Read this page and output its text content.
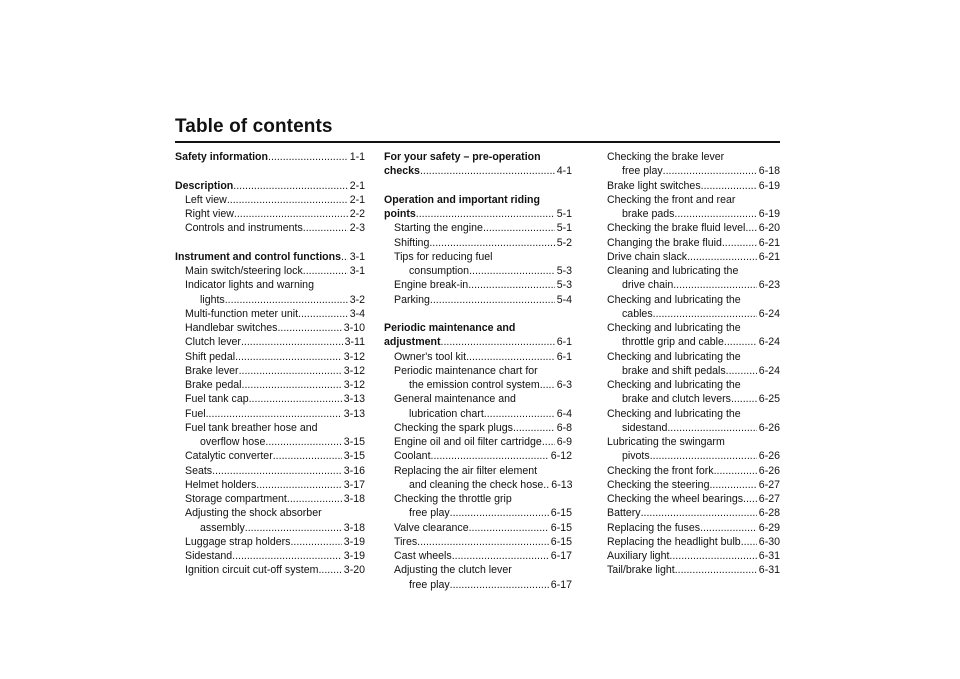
Table of contents
Safety information .....	1-1
Description .....	2-1
Left view .....	2-1
Right view .....	2-2
Controls and instruments .....	2-3
Instrument and control functions ..... 3-1
Main switch/steering lock .....	3-1
Indicator lights and warning
lights .....	3-2
Multi-function meter unit .....	3-4
Handlebar switches .....	3-10
Clutch lever .....	3-11
Shift pedal .....	3-12
Brake lever .....	3-12
Brake pedal .....	3-12
Fuel tank cap .....	3-13
Fuel .....	3-13
Fuel tank breather hose and
overflow hose .....	3-15
Catalytic converter .....	3-15
Seats .....	3-16
Helmet holders .....	3-17
Storage compartment .....	3-18
Adjusting the shock absorber
assembly .....	3-18
Luggage strap holders .....	3-19
Sidestand .....	3-19
Ignition circuit cut-off system ..... 3-20
For your safety – pre-operation
checks .....	4-1
Operation and important riding
points .....	5-1
Starting the engine .....	5-1
Shifting .....	5-2
Tips for reducing fuel
consumption .....	5-3
Engine break-in .....	5-3
Parking .....	5-4
Periodic maintenance and
adjustment .....	6-1
Owner's tool kit .....	6-1
Periodic maintenance chart for
the emission control system ..... 6-3
General maintenance and
lubrication chart .....	6-4
Checking the spark plugs .....	6-8
Engine oil and oil filter cartridge ..... 6-9
Coolant .....	6-12
Replacing the air filter element
and cleaning the check hose ..... 6-13
Checking the throttle grip
free play .....	6-15
Valve clearance .....	6-15
Tires .....	6-15
Cast wheels .....	6-17
Adjusting the clutch lever
free play .....	6-17
Checking the brake lever
free play .....	6-18
Brake light switches .....	6-19
Checking the front and rear
brake pads .....	6-19
Checking the brake fluid level ..... 6-20
Changing the brake fluid .....	6-21
Drive chain slack .....	6-21
Cleaning and lubricating the
drive chain .....	6-23
Checking and lubricating the
cables .....	6-24
Checking and lubricating the
throttle grip and cable .....	6-24
Checking and lubricating the
brake and shift pedals .....	6-24
Checking and lubricating the
brake and clutch levers .....	6-25
Checking and lubricating the
sidestand .....	6-26
Lubricating the swingarm
pivots .....	6-26
Checking the front fork .....	6-26
Checking the steering .....	6-27
Checking the wheel bearings ..... 6-27
Battery .....	6-28
Replacing the fuses .....	6-29
Replacing the headlight bulb ..... 6-30
Auxiliary light .....	6-31
Tail/brake light .....	6-31
